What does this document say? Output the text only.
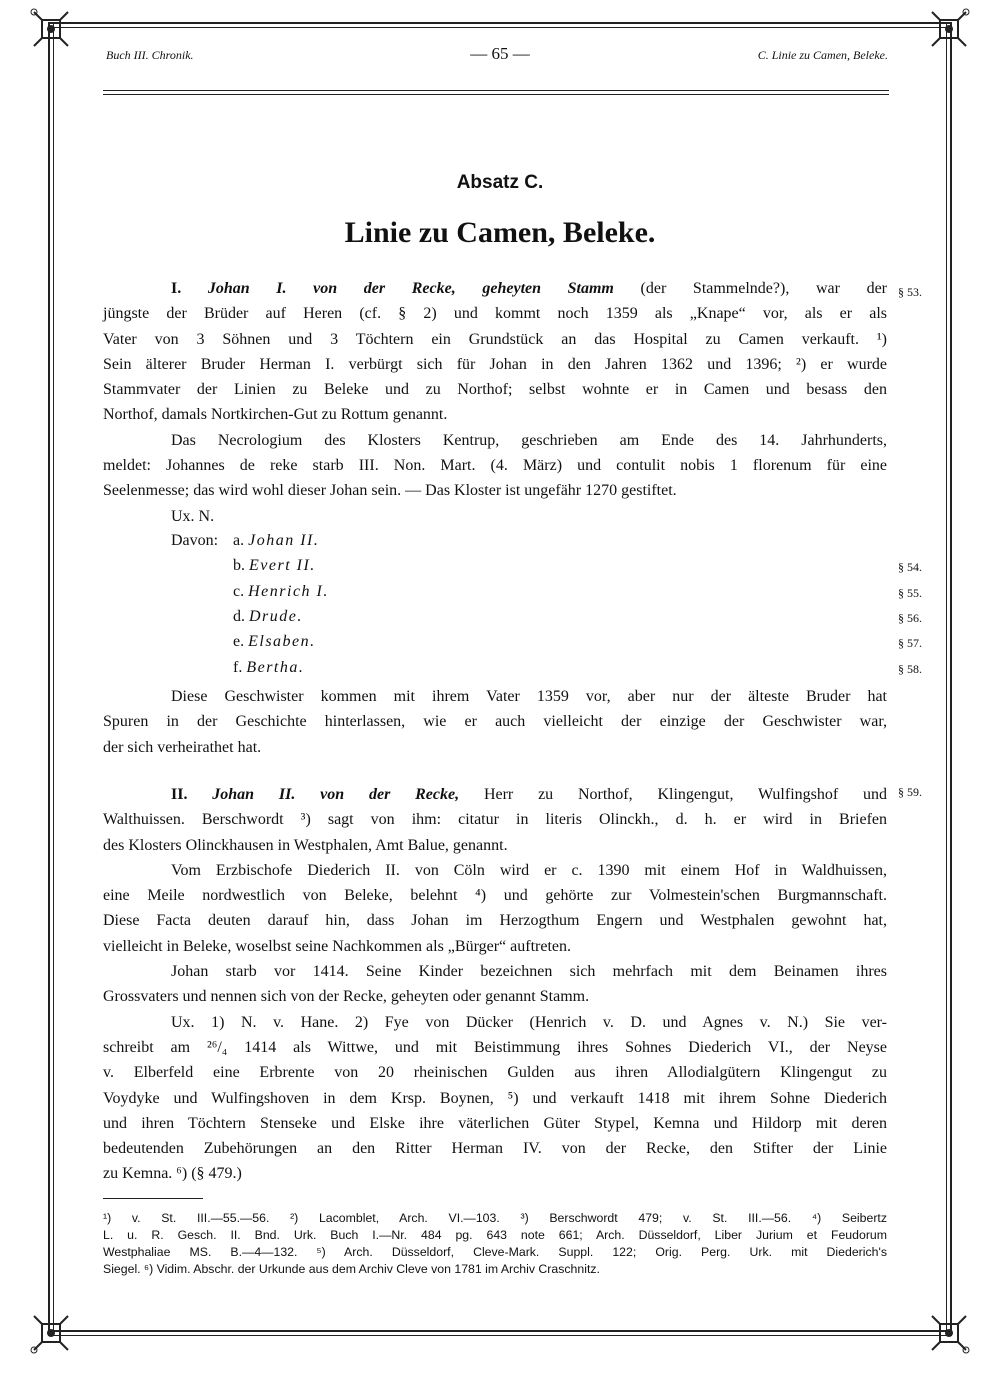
Buch III. Chronik.	— 65 —	C. Linie zu Camen, Beleke.
Absatz C.
Linie zu Camen, Beleke.
I. Johan I. von der Recke, geheyten Stamm (der Stammelnde?), war der
jüngste der Brüder auf Heren (cf. § 2) und kommt noch 1359 als „Knape“ vor, als er als
Vater von 3 Söhnen und 3 Töchtern ein Grundstück an das Hospital zu Camen verkauft. ¹)
Sein älterer Bruder Herman I. verbürgt sich für Johan in den Jahren 1362 und 1396; ²) er wurde
Stammvater der Linien zu Beleke und zu Northof; selbst wohnte er in Camen und besass den
Northof, damals Nortkirchen-Gut zu Rottum genannt.
Das Necrologium des Klosters Kentrup, geschrieben am Ende des 14. Jahrhunderts,
meldet: Johannes de reke starb III. Non. Mart. (4. März) und contulit nobis 1 florenum für eine
Seelenmesse; das wird wohl dieser Johan sein. — Das Kloster ist ungefähr 1270 gestiftet.
Ux. N.
§ 53.
Davon: a. Johan II.
b. Evert II.	§ 54.
c. Henrich I.	§ 55.
d. Drude.	§ 56.
e. Elsaben.	§ 57.
f. Bertha.	§ 58.
Diese Geschwister kommen mit ihrem Vater 1359 vor, aber nur der älteste Bruder hat
Spuren in der Geschichte hinterlassen, wie er auch vielleicht der einzige der Geschwister war,
der sich verheirathet hat.
II. Johan II. von der Recke, Herr zu Northof, Klingengut, Wulfingshof und
Walthuissen. Berschwordt ³) sagt von ihm: citatur in literis Olinckh., d. h. er wird in Briefen
des Klosters Olinckhausen in Westphalen, Amt Balue, genannt.
Vom Erzbischofe Diederich II. von Cöln wird er c. 1390 mit einem Hof in Waldhuissen,
eine Meile nordwestlich von Beleke, belehnt ⁴) und gehörte zur Volmestein'schen Burgmannschaft.
Diese Facta deuten darauf hin, dass Johan im Herzogthum Engern und Westphalen gewohnt hat,
vielleicht in Beleke, woselbst seine Nachkommen als „Bürger“ auftreten.
Johan starb vor 1414. Seine Kinder bezeichnen sich mehrfach mit dem Beinamen ihres
Grossvaters und nennen sich von der Recke, geheyten oder genannt Stamm.
Ux. 1) N. v. Hane. 2) Fye von Dücker (Henrich v. D. und Agnes v. N.) Sie ver-
schreibt am ²⁶/₄ 1414 als Wittwe, und mit Beistimmung ihres Sohnes Diederich VI., der Neyse
v. Elberfeld eine Erbrente von 20 rheinischen Gulden aus ihren Allodialgütern Klingengut zu
Voydyke und Wulfingshoven in dem Krsp. Boynen, ⁵) und verkauft 1418 mit ihrem Sohne Diederich
und ihren Töchtern Stenseke und Elske ihre väterlichen Güter Stypel, Kemna und Hildorp mit deren
bedeutenden Zubehörungen an den Ritter Herman IV. von der Recke, den Stifter der Linie
zu Kemna. ⁶) (§ 479.)
§ 59.
¹) v. St. III.—55.—56. ²) Lacomblet, Arch. VI.—103. ³) Berschwordt 479; v. St. III.—56. ⁴) Seibertz
L. u. R. Gesch. II. Bnd. Urk. Buch I.—Nr. 484 pg. 643 note 661; Arch. Düsseldorf, Liber Jurium et Feudorum
Westphaliae MS. B.—4—132. ⁵) Arch. Düsseldorf, Cleve-Mark. Suppl. 122; Orig. Perg. Urk. mit Diederich's
Siegel. ⁶) Vidim. Abschr. der Urkunde aus dem Archiv Cleve von 1781 im Archiv Craschnitz.
